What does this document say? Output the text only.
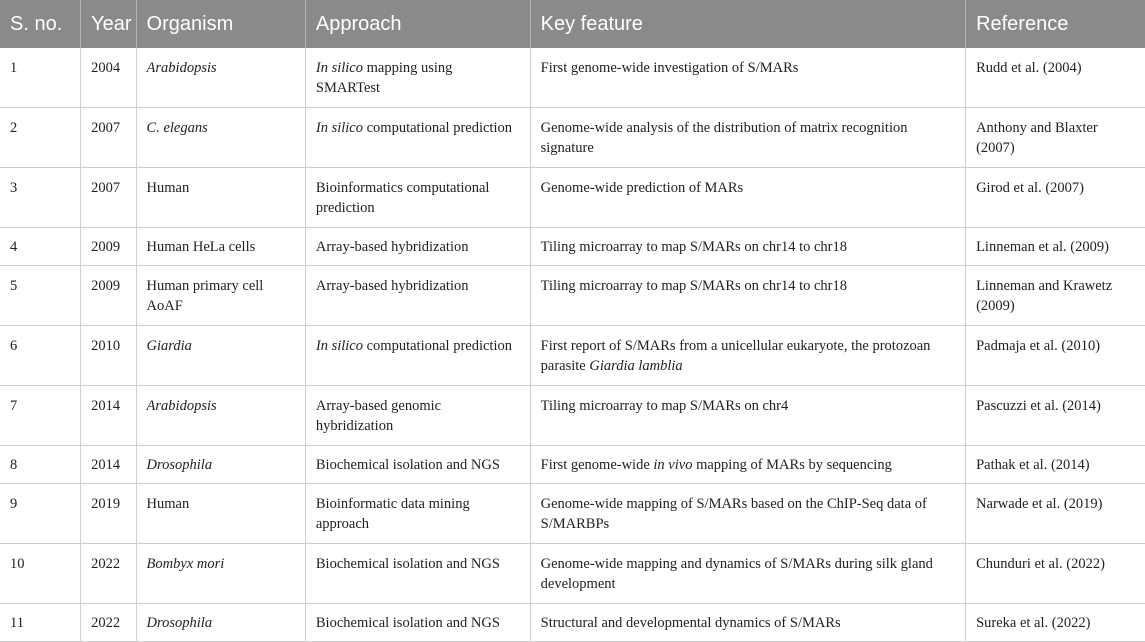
S. no.	Year	Organism	Approach	Key feature	Reference
1	2004	Arabidopsis	In silico mapping using SMARTest	First genome-wide investigation of S/MARs	Rudd et al. (2004)
2	2007	C. elegans	In silico computational prediction	Genome-wide analysis of the distribution of matrix recognition signature	Anthony and Blaxter (2007)
3	2007	Human	Bioinformatics computational prediction	Genome-wide prediction of MARs	Girod et al. (2007)
4	2009	Human HeLa cells	Array-based hybridization	Tiling microarray to map S/MARs on chr14 to chr18	Linneman et al. (2009)
5	2009	Human primary cell AoAF	Array-based hybridization	Tiling microarray to map S/MARs on chr14 to chr18	Linneman and Krawetz (2009)
6	2010	Giardia	In silico computational prediction	First report of S/MARs from a unicellular eukaryote, the protozoan parasite Giardia lamblia	Padmaja et al. (2010)
7	2014	Arabidopsis	Array-based genomic hybridization	Tiling microarray to map S/MARs on chr4	Pascuzzi et al. (2014)
8	2014	Drosophila	Biochemical isolation and NGS	First genome-wide in vivo mapping of MARs by sequencing	Pathak et al. (2014)
9	2019	Human	Bioinformatic data mining approach	Genome-wide mapping of S/MARs based on the ChIP-Seq data of S/MARBPs	Narwade et al. (2019)
10	2022	Bombyx mori	Biochemical isolation and NGS	Genome-wide mapping and dynamics of S/MARs during silk gland development	Chunduri et al. (2022)
11	2022	Drosophila	Biochemical isolation and NGS	Structural and developmental dynamics of S/MARs	Sureka et al. (2022)
